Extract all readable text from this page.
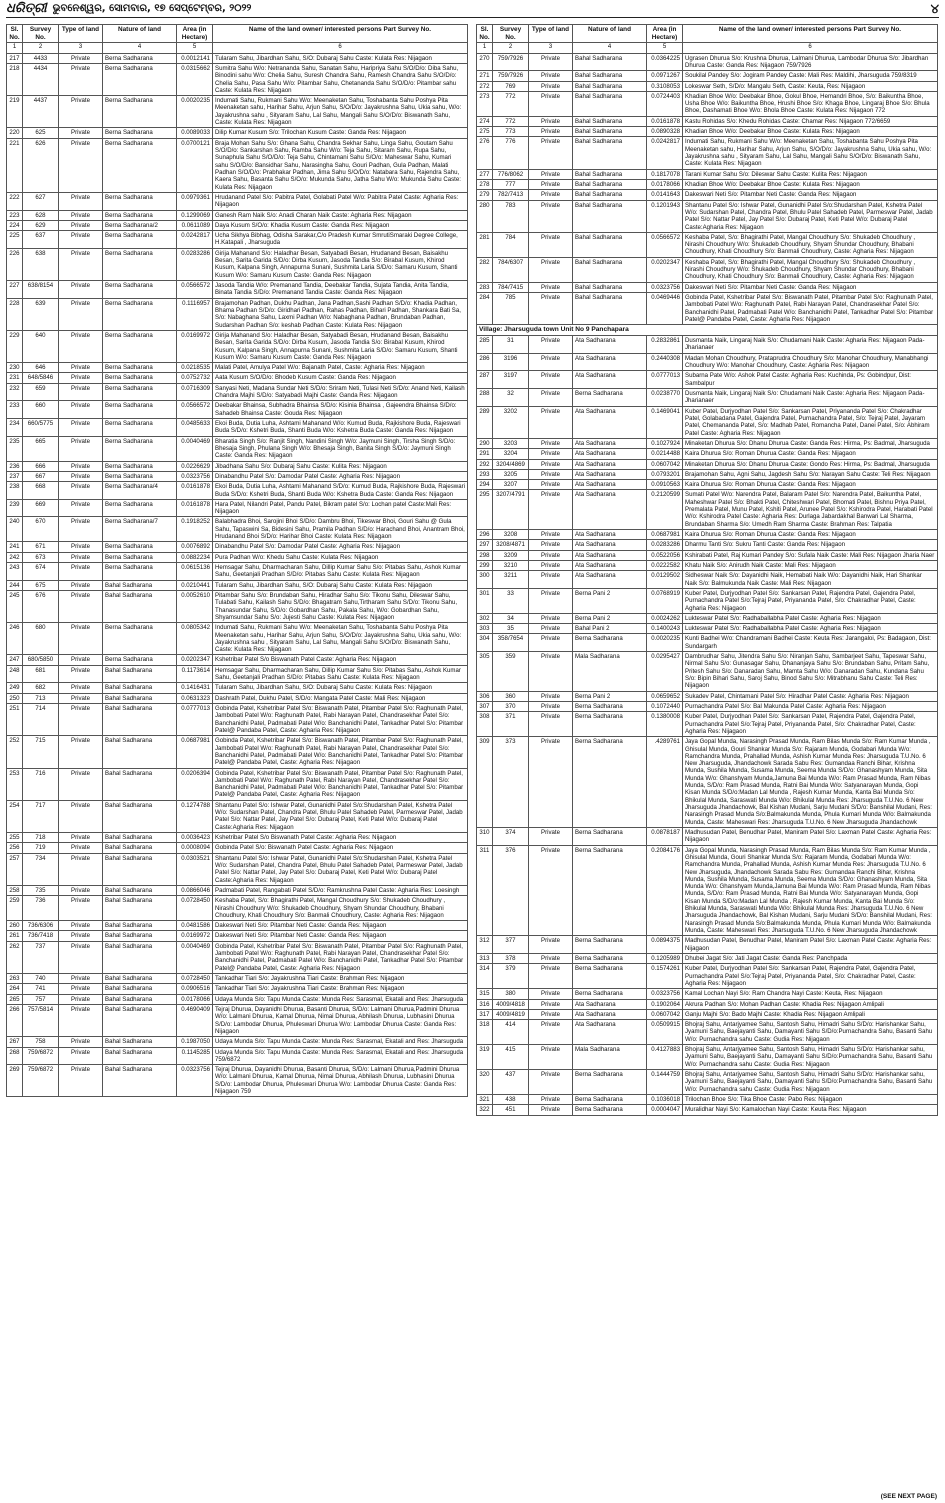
ଧରିତ୍ରୀ ଭୁବନେଶ୍ୱର, ସୋମବାର, ୧୭ ସେପ୍ଟେମ୍ବର, ୨୦୨୨	୪
Sl. No.	Survey No.	Type of land	Nature of land	Area (in Hectare)	Name of the land owner/ interested persons Part Survey No.
1	2	3	4	5	6
217	4433	Private	Berna Sadharana	0.0012141	Tularam Sahu, Jibardhan Sahu, S/O: Dubaraj Sahu Caste: Kulata Res: Nijagaon
218	4434	Private	Berna Sadharana	0.0315662	Sumitra Sahu W/o: Netrananda Sahu, Sanatan Sahu, Haripriya Sahu S/O/D/o: Diba Sahu, Binodini sahu W/o: Chelia Sahu, Suresh Chandra Sahu, Ramesh Chandra Sahu S/O/D/o: Chelia Sahu, Pasa Sahu W/o: Pitambar Sahu, Chetananda Sahu S/O/D/o: Pitambar sahu Caste: Kulata Res: Nijagaon
219	4437	Private	Berna Sadharana	0.0020235	Indumati Sahu, Rukmani Sahu W/o: Meenaketan Sahu, Toshabanta Sahu Poshya Pita Meenaketan sahu, Harihar Sahu, Arjun Sahu, S/O/D/o: Jayakrushna Sahu, Ukia sahu, W/o: Jayakrushna sahu , Sityaram Sahu, Lal Sahu, Mangali Sahu S/O/D/o: Biswanath Sahu, Caste: Kulata Res: Nijagaon
220	625	Private	Berna Sadharana	0.0089033	Dilip Kumar Kusum S/o: Trilochan Kusum Caste: Ganda Res: Nijagaon
221	626	Private	Berna Sadharana	0.0700121	Braja Mohan Sahu S/o: Ghana Sahu, Chandra Sekhar Sahu, Linga Sahu, Goutam Sahu S/O/D/o: Sankarshan Sahu, Ramba Sahu W/o: Teja Sahu, Sitaram Sahu, Rupa Sahu, Sunaphula Sahu S/O/D/o: Teja Sahu, Chintamani Sahu S/O/o: Maheswar Sahu, Kumari sahu S/O/D/o: Bansidhar Sahu, Narasingha Sahu, Gouri Padhan, Gula Padhan, Malati Padhan S/O/D/o: Prabhakar Padhan, Jima Sahu S/O/D/o: Natabara Sahu, Rajendra Sahu, Kaera Sahu, Basanta Sahu S/O/o: Mukunda Sahu, Jatha Sahu W/o: Mukunda Sahu Caste: Kulata Res: Nijagaon
222	627	Private	Berna Sadharana	0.0979361	Hrudanand Patel S/o: Pabitra Patel, Golabati Patel W/o: Pabitra Patel Caste: Agharia Res: Nijagaon
223	628	Private	Berna Sadharana	0.1299069	Ganesh Ram Naik S/o: Anadi Charan Naik Caste: Agharia Res: Nijagaon
224	629	Private	Berna Sadharana/2	0.0611089	Daya Kusum S/O/o: Khadia Kusum Caste: Ganda Res: Nijagaon
225	637	Private	Berna Sadharana	0.0242817	Ucha Sikhya Bibhag, Odisha Sarakar,C/o Pradesh Kumar SmrutiSmaraki Degree College, H.Katapali , Jharsuguda
226	638	Private	Berna Sadharana	0.0283286	Girija Mahanand S/o: Haladhar Besan, Satyabadi Besan, Hrudanand Besan, Baisakhu Besan, Sarita Garida S/D/o: Dirba Kusum, Jasoda Tandia S/o: Birabal Kusum, Khirod Kusum, Kalpana Singh, Annapurna Sunani, Sushmita Laria S/D/o: Samaru Kusum, Shanti Kusum W/o: Samaru Kusum Caste: Ganda Res: Nijagaon
227	638/8154	Private	Berna Sadharana	0.0566572	Jasoda Tandia W/o: Premanand Tandia, Deebakar Tandia, Sujata Tandia, Anita Tandia, Binata Tandia S/D/o: Premanand Tandia Caste: Ganda Res: Nijagaon
228	639	Private	Berna Sadharana	0.1116957	Brajamohan Padhan, Dukhu Padhan, Jana Padhan,Sashi Padhan S/D/o: Khadia Padhan, Bhama Padhan S/D/o: Giridhari Padhan, Rahas Padhan, Bihari Padhan, Shankara Bati Sa, S/o: Nabaghana Sahu, Laxmi Padhan W/o: Nabaghana Padhan, Brundaban Padhan, Sudarshan Padhan S/o: keshab Padhan Caste: Kulata Res: Nijagaon
229	640	Private	Berna Sadharana	0.0169972	Girija Mahanand S/o: Haladhar Besan, Satyabadi Besan, Hrudanand Besan, Baisakhu Besan, Sarita Garida S/D/o: Dirba Kusum, Jasoda Tandia S/o: Birabal Kusum, Khirod Kusum, Kalpana Singh, Annapurna Sunani, Sushmita Laria S/D/o: Samaru Kusum, Shanti Kusum W/o: Samaru Kusum Caste: Ganda Res: Nijagaon
230	646	Private	Berna Sadharana	0.0218535	Malati Patel, Amulya Patel W/o: Bajanath Patel, Caste: Agharia Res: Nijagaon
231	648/5846	Private	Berna Sadharana	0.0752732	Aata Kusum S/O/D/o: Bhodeb Kusum Caste: Ganda Res: Nijagaon
232	659	Private	Berna Sadharana	0.0716309	Sanyasi Neti, Madana Sundar Neti S/D/o: Sriram Neti, Tulasi Neti S/D/o: Anand Neti, Kailash Chandra Majhi S/D/o: Satyabadi Majhi Caste: Ganda Res: Nijagaon
233	660	Private	Berna Sadharana	0.0566572	Deebakar Bhainsa, Subhadra Bhainsa S/D/o: Kisinia Bhainsa , Gajeendra Bhainsa S/D/o: Sahadeb Bhainsa Caste: Gouda Res: Nijagaon
234	660/5775	Private	Berna Sadharana	0.0485633	Ekoi Buda, Dutia Luha, Ashtami Mahanand W/o: Kumud Buda, Rajkishore Buda, Rajeswari Buda S/D/o: Kshetri Buda, Shanti Buda W/o: Kshetra Buda Caste: Ganda Res: Nijagaon
235	665	Private	Berna Sadharana	0.0040469	Bharatia Singh S/o: Ranjit Singh, Nandini Singh W/o: Jaymuni Singh, Tirsha Singh S/D/o: Bhesaja Singh, Phulana Singh W/o: Bhesaja Singh, Banita Singh S/D/o: Jaymuni Singh Caste: Ganda Res: Nijagaon
236	666	Private	Berna Sadharana	0.0226629	Jibadhana Sahu S/o: Dubaraj Sahu Caste: Kulita Res: Nijagaon
237	667	Private	Berna Sadharana	0.0323756	Dinabandhu Patel S/o: Damodar Patel Caste: Agharia Res: Nijagaon
238	668	Private	Berna Sadharana/4	0.0161878	Ekoi Buda, Dutia Luha, Ashtami Mahanand S/D/o: Kumud Buda, Rajkishore Buda, Rajeswari Buda S/D/o: Kshetri Buda, Shanti Buda W/o: Kshetra Buda Caste: Ganda Res: Nijagaon
239	669	Private	Berna Sadharana	0.0161878	Hara Patel, Nilandri Patel, Pandu Patel, Bikram patel S/o: Lochan patel Caste:Mali Res: Nijagaon
240	670	Private	Berna Sadharana/7	0.1918252	Balabhadra Bhoi, Sarojini Bhoi S/D/o: Dambru Bhoi, Tikeswar Bhoi, Gouri Sahu @ Gula Sahu, Tapaswini Sa, Bidesini Sahu, Pramila Padhan S/D/o: Harachand Bhoi, Anantram Bhoi, Hrudanand Bhoi S/D/o: Harihar Bhoi Caste: Kulata Res: Nijagaon
241	671	Private	Berna Sadharana	0.0076892	Dinabandhu Patel S/o: Damodar Patel Caste: Agharia Res: Nijagaon
242	673	Private	Berna Sadharana	0.0882234	Pura Padhan W/o: Khedu Sahu Caste: Kulata Res: Nijagaon
243	674	Private	Berna Sadharana	0.0615136	Hemsagar Sahu, Dharmacharan Sahu, Dillip Kumar Sahu S/o: Pitabas Sahu, Ashok Kumar Sahu, Geetanjali Pradhan S/D/o: Pitabas Sahu Caste: Kulata Res: Nijagaon
244	675	Private	Bahal Sadharana	0.0210441	Tularam Sahu, Jibardhan Sahu, S/O: Dubaraj Sahu Caste: Kulata Res: Nijagaon
245	676	Private	Bahal Sadharana	0.0052610	Pitambar Sahu S/o: Brundaban Sahu, Hiradhar Sahu S/o: Tikonu Sahu, Dileswar Sahu, Tulabati Sahu, Kailash Sahu S/D/o: Bhagatram Sahu,Tirtharam Sahu S/D/o: Tikonu Sahu, Thanasundar Sahu, S/D/o: Gobardhan Sahu, Pakala Sahu, W/o: Gobardhan Sahu, Shyamsundar Sahu S/o: Jujesti Sahu Caste: Kulata Res: Nijagaon
246	680	Private	Berna Sadharana	0.0805342	Indumati Sahu, Rukmani Sahu W/o: Meenaketan Sahu, Toshabanta Sahu Poshya Pita Meenaketan sahu, Harihar Sahu, Arjun Sahu, S/O/D/o: Jayakrushna Sahu, Ukia sahu, W/o: Jayakrushna sahu , Sityaram Sahu, Lal Sahu, Mangali Sahu S/O/D/o: Biswanath Sahu, Caste: Kulata Res: Nijagaon
247	680/5850	Private	Berna Sadharana	0.0202347	Kshetribar Patel S/o Biswanath Patel Caste: Agharia Res: Nijagaon
248	681	Private	Bahal Sadharana	0.1173614	Hemsagar Sahu, Dharmacharan Sahu, Dillip Kumar Sahu S/o: Pitabas Sahu, Ashok Kumar Sahu, Geetanjali Pradhan S/D/o: Pitabas Sahu Caste: Kulata Res: Nijagaon
249	682	Private	Bahal Sadharana	0.1416431	Tularam Sahu, Jibardhan Sahu, S/O: Dubaraj Sahu Caste: Kulata Res: Nijagaon
250	713	Private	Bahal Sadharana	0.0631323	Dashrath Patel, Dukhu Patel, S/D/o: Mangata Patel Caste: Mali Res: Nijagaon
251	714	Private	Bahal Sadharana	0.0777013	Gobinda Patel, Kshetribar Patel S/o: Biswanath Patel, Pitambar Patel S/o: Raghunath Patel, Jambobati Patel W/o: Raghunath Patel, Rabi Narayan Patel, Chandrasekhar Patel S/o: Banchanidhi Patel, Padmabati Patel W/o: Banchanidhi Patel, Tankadhar Patel S/o: Pitambar Patel@ Pandaba Patel, Caste: Agharia Res: Nijagaon
252	715	Private	Bahal Sadharana	0.0687981	Gobinda Patel, Kshetribar Patel S/o: Biswanath Patel, Pitambar Patel S/o: Raghunath Patel, Jambobati Patel W/o: Raghunath Patel, Rabi Narayan Patel, Chandrasekhar Patel S/o: Banchanidhi Patel, Padmabati Patel W/o: Banchanidhi Patel, Tankadhar Patel S/o: Pitambar Patel@ Pandaba Patel, Caste: Agharia Res: Nijagaon
253	716	Private	Bahal Sadharana	0.0206394	Gobinda Patel, Kshetribar Patel S/o: Biswanath Patel, Pitambar Patel S/o: Raghunath Patel, Jambobati Patel W/o: Raghunath Patel, Rabi Narayan Patel, Chandrasekhar Patel S/o: Banchanidhi Patel, Padmabati Patel W/o: Banchanidhi Patel, Tankadhar Patel S/o: Pitambar Patel@ Pandaba Patel, Caste: Agharia Res: Nijagaon
254	717	Private	Bahal Sadharana	0.1274788	Shantanu Patel S/o: Ishwar Patel, Gunanidhi Patel S/o:Shudarshan Patel, Kshetra Patel W/o: Sudarshan Patel, Chandra Patel, Bhulu Patel Sahadeb Patel, Parmeswar Patel, Jadab Patel S/o: Nattar Patel, Jay Patel S/o: Dubaraj Patel, Keti Patel W/o: Dubaraj Patel Caste:Agharia Res: Nijagaon
255	718	Private	Bahal Sadharana	0.0036423	Kshetribar Patel S/o Biswanath Patel Caste: Agharia Res: Nijagaon
256	719	Private	Bahal Sadharana	0.0008094	Gobinda Patel S/o: Biswanath Patel Caste: Agharia Res: Nijagaon
257	734	Private	Bahal Sadharana	0.0303521	Shantanu Patel S/o: Ishwar Patel, Gunanidhi Patel S/o:Shudarshan Patel, Kshetra Patel W/o: Sudarshan Patel, Chandra Patel, Bhulu Patel Sahadeb Patel, Parmeswar Patel, Jadab Patel S/o: Nattar Patel, Jay Patel S/o: Dubaraj Patel, Keti Patel W/o: Dubaraj Patel Caste:Agharia Res: Nijagaon
258	735	Private	Bahal Sadharana	0.0866046	Padmabati Patel, Rangabati Patel S/D/o: Ramkrushna Patel Caste: Agharia Res: Loesingh
259	736	Private	Bahal Sadharana	0.0728450	Keshaba Patel, S/o: Bhagirathi Patel, Mangal Choudhury S/o: Shukadeb Choudhury , Nirashi Choudhury W/o: Shukadeb Choudhury, Shyam Shundar Choudhury, Bhabani Choudhury, Khati Choudhury S/o: Banmali Choudhury, Caste: Agharia Res: Nijagaon
260	736/6306	Private	Bahal Sadharana	0.0481586	Dakeswari Neti S/o: Pitambar Neti Caste: Ganda Res: Nijagaon
261	736/7418	Private	Bahal Sadharana	0.0169972	Dakeswari Neti S/o: Pitambar Neti Caste: Ganda Res: Nijagaon
262	737	Private	Bahal Sadharana	0.0040469	Gobinda Patel, Kshetribar Patel S/o: Biswanath Patel, Pitambar Patel S/o: Raghunath Patel, Jambobati Patel W/o: Raghunath Patel, Rabi Narayan Patel, Chandrasekhar Patel S/o: Banchanidhi Patel, Padmabati Patel W/o: Banchanidhi Patel, Tankadhar Patel S/o: Pitambar Patel@ Pandaba Patel, Caste: Agharia Res: Nijagaon
263	740	Private	Bahal Sadharana	0.0728450	Tankadhar Tiari S/o: Jayakrushna Tiari Caste: Brahman Res: Nijagaon
264	741	Private	Bahal Sadharana	0.0906516	Tankadhar Tiari S/o: Jayakrushna Tiari Caste: Brahman Res: Nijagaon
265	757	Private	Bahal Sadharana	0.0178066	Udaya Munda S/o: Tapu Munda Caste: Munda Res: Sarasmal, Ekatali and Res: Jharsuguda
266	757/5814	Private	Bahal Sadharana	0.4690409	Tejraj Dhurua, Dayanidhi Dhurua, Basanti Dhurua, S/D/o: Lalmani Dhurua,Padmini Dhurua W/o: Lalmani Dhurua, Kamal Dhurua, Nimai Dhurua, Abhilash Dhurua, Lubhasini Dhurua S/D/o: Lambodar Dhurua, Phuleswari Dhurua W/o: Lambodar Dhurua Caste: Ganda Res: Nijagaon
267	758	Private	Bahal Sadharana	0.1987050	Udaya Munda S/o: Tapu Munda Caste: Munda Res: Sarasmal, Ekatali and Res: Jharsuguda
268	759/6872	Private	Bahal Sadharana	0.1145285	Udaya Munda S/o: Tapu Munda Caste: Munda Res: Sarasmal, Ekatali and Res: Jharsuguda 759/6872
269	759/6872	Private	Bahal Sadharana	0.0323756	Tejraj Dhurua, Dayanidhi Dhurua, Basanti Dhurua, S/D/o: Lalmani Dhurua,Padmini Dhurua W/o: Lalmani Dhurua, Kamal Dhurua, Nimai Dhurua, Abhilash Dhurua, Lubhasini Dhurua S/D/o: Lambodar Dhurua, Phuleswari Dhurua W/o: Lambodar Dhurua Caste: Ganda Res: Nijagaon 759
Sl. No.	Survey No.	Type of land	Nature of land	Area (in Hectare)	Name of the land owner/ interested persons Part Survey No.
1	2	3	4	5	6
270	759/7926	Private	Bahal Sadharana	0.0364225	Ugrasen Dhurua S/o: Krushna Dhurua, Lalmani Dhurua, Lambodar Dhurua S/o: Jibardhan Dhurua Caste: Ganda Res: Nijagaon 759/7926
271	759/7926	Private	Bahal Sadharana	0.0971267	Soukilal Pandey S/o: Jogiram Pandey Caste: Mali Res: Maldihi, Jharsuguda 759/8319
272	769	Private	Bahal Sadharana	0.3108053	Lokeswar Seth, S/D/o: Mangalu Seth, Caste: Keuta, Res: Nijagaon
273	772	Private	Bahal Sadharana	0.0724403	Khadian Bhoe W/o: Deebakar Bhoe, Gokul Bhoe, Hemandri Bhoe, S/o: Baikuntha Bhoe, Usha Bhoe W/o: Baikuntha Bhoe, Hrushi Bhoe S/o: Khaga Bhoe, Lingaraj Bhoe S/o: Bhula Bhoe, Dashamati Bhoe W/o: Bhola Bhoe Caste: Kulata Res: Nijagaon 772
274	772	Private	Bahal Sadharana	0.0161878	Kastu Rohidas S/o: Khedu Rohidas Caste: Chamar Res: Nijagaon 772/6659
275	773	Private	Bahal Sadharana	0.0890328	Khadian Bhoe W/o: Deebakar Bhoe Caste: Kulata Res: Nijagaon
276	776	Private	Bahal Sadharana	0.0242817	Indumati Sahu, Rukmani Sahu W/o: Meenaketan Sahu, Toshabanta Sahu Poshya Pita Meenaketan sahu, Harihar Sahu, Arjun Sahu, S/O/D/o: Jayakrushna Sahu, Ukia sahu, W/o: Jayakrushna sahu , Sityaram Sahu, Lal Sahu, Mangali Sahu S/O/D/o: Biswanath Sahu, Caste: Kulata Res: Nijagaon
277	776/8062	Private	Bahal Sadharana	0.1817078	Tarani Kumar Sahu S/o: Dileswar Sahu Caste: Kulita Res: Nijagaon
278	777	Private	Bahal Sadharana	0.0178066	Khadian Bhoe W/o: Deebakar Bhoe Caste: Kulata Res: Nijagaon
279	782/7413	Private	Bahal Sadharana	0.0141643	Dakeswari Neti S/o: Pitambar Neti Caste: Ganda Res: Nijagaon
280	783	Private	Bahal Sadharana	0.1201943	Shantanu Patel S/o: Ishwar Patel, Gunanidhi Patel S/o:Shudarshan Patel, Kshetra Patel W/o: Sudarshan Patel, Chandra Patel, Bhulu Patel Sahadeb Patel, Parmeswar Patel, Jadab Patel S/o: Nattar Patel, Jay Patel S/o: Dubaraj Patel, Keti Patel W/o: Dubaraj Patel Caste:Agharia Res: Nijagaon
281	784	Private	Bahal Sadharana	0.0566572	Keshaba Patel, S/o: Bhagirathi Patel, Mangal Choudhury S/o: Shukadeb Choudhury , Nirashi Choudhury W/o: Shukadeb Choudhury, Shyam Shundar Choudhury, Bhabani Choudhury, Khati Choudhury S/o: Banmali Choudhury, Caste: Agharia Res: Nijagaon
282	784/6307	Private	Bahal Sadharana	0.0202347	Keshaba Patel, S/o: Bhagirathi Patel, Mangal Choudhury S/o: Shukadeb Choudhury , Nirashi Choudhury W/o: Shukadeb Choudhury, Shyam Shundar Choudhury, Bhabani Choudhury, Khati Choudhury S/o: Banmali Choudhury, Caste: Agharia Res: Nijagaon
283	784/7415	Private	Bahal Sadharana	0.0323756	Dakeswari Neti S/o: Pitambar Neti Caste: Ganda Res: Nijagaon
284	785	Private	Bahal Sadharana	0.0469446	Gobinda Patel, Kshetribar Patel S/o: Biswanath Patel, Pitambar Patel S/o: Raghunath Patel, Jambobati Patel W/o: Raghunath Patel, Rabi Narayan Patel, Chandrasekhar Patel S/o: Banchanidhi Patel, Padmabati Patel W/o: Banchanidhi Patel, Tankadhar Patel S/o: Pitambar Patel@ Pandaba Patel, Caste: Agharia Res: Nijagaon
Village: Jharsuguda town Unit No 9 Panchapara					
285	31	Private	Ata Sadharana	0.2832861	Dusmanta Naik, Lingaraj Naik S/o: Chudamani Naik Caste: Agharia Res: Nijagaon Pada-Jharianaer
286	3196	Private	Ata Sadharana	0.2440308	Madan Mohan Choudhury, Prataprudra Choudhury S/o: Manohar Choudhury, Manabhangi Choudhury W/o: Manohar Choudhury, Caste: Agharia Res: Nijagaon
287	3197	Private	Ata Sadharana	0.0777013	Subarna Pate W/o: Ashok Patel Caste: Agharia Res: Kuchinda, Ps: Gobindpur, Dist: Sambalpur
288	32	Private	Berna Sadharana	0.0238770	Dusmanta Naik, Lingaraj Naik S/o: Chudamani Naik Caste: Agharia Res: Nijagaon Pada-Jharianaer
289	3202	Private	Ata Sadharana	0.1469041	Kuber Patel, Durjyodhan Patel S/o: Sankarsan Patel, Priyananda Patel S/o: Chakradhar Patel, Golabadana Patel, Gajendra Patel, Purnachandra Patel, S/o: Tejraj Patel, Jayaram Patel, Chemananda Patel, S/o: Madhab Patel, Romancha Patel, Danei Patel, S/o: Abhiram Patel Caste: Agharia Res: Nijagaon
290	3203	Private	Ata Sadharana	0.1027924	Minaketan Dhurua S/o: Dhanu Dhurua Caste: Ganda Res: Hirma, Ps: Badmal, Jharsuguda
291	3204	Private	Ata Sadharana	0.0214488	Kaira Dhurua S/o: Roman Dhurua Caste: Ganda Res: Nijagaon
292	3204/4869	Private	Ata Sadharana	0.0607042	Minaketan Dhurua S/o: Dhanu Dhurua Caste: Gondo Res: Hirma, Ps: Badmal, Jharsuguda
293	3205	Private	Ata Sadharana	0.0793201	Brajamohan Sahu, Agni Sahu, Jagdesh Sahu S/o: Narayan Sahu Caste: Teli Res: Nijagaon
294	3207	Private	Ata Sadharana	0.0910563	Kaira Dhurua S/o: Roman Dhurua Caste: Ganda Res: Nijagaon
295	3207/4791	Private	Ata Sadharana	0.2120599	Sumati Patel W/o: Narendra Patel, Balaram Patel S/o: Narendra Patel, Baikuntha Patel, Maheshwar Patel S/o: Bhakti Patel, Chiteshwari Patel, Bhomati Patel, Bishnu Priya Patel, Premalata Patel, Munu Patel, Kshiti Patel, Arunee Patel S/o: Kshirodra Patel, Harabati Patel W/o: Kshirodra Patel Caste: Agharia Res: Durlaga Jabardakhal Banwari Lal Sharma, Brundaban Sharma S/o: Umedh Ram Sharma Caste: Brahman Res: Talpatia
296	3208	Private	Ata Sadharana	0.0687981	Kaira Dhurua S/o: Roman Dhurua Caste: Ganda Res: Nijagaon
297	3208/4871	Private	Ata Sadharana	0.0283286	Dharmu Tanti S/o: Sukru Tanti Caste: Ganda Res: Nijagaon
298	3209	Private	Ata Sadharana	0.0522056	Kshirabati Patel, Raj Kumari Pandey S/o: Sufala Naik Caste: Mali Res: Nijagaon Jharia Naer
299	3210	Private	Ata Sadharana	0.0222582	Khatu Naik S/o: Anirudh Naik Caste: Mali Res: Nijagaon
300	3211	Private	Ata Sadharana	0.0129502	Sidheswar Naik S/o: Dayanidhi Naik, Hemabati Naik W/o: Dayanidhi Naik, Hari Shankar Naik S/o: Balmukunda Naik Caste: Mali Res: Nijagaon
301	33	Private	Berna Pani 2	0.0768919	Kuber Patel, Durjyodhan Patel S/o: Sankarsan Patel, Rajendra Patel, Gajendra Patel, Purnachandra Patel S/o:Tejraj Patel, Priyananda Patel, S/o: Chakradhar Patel, Caste: Agharia Res: Nijagaon
302	34	Private	Berna Pani 2	0.0024262	Lukteswar Patel S/o: Radhaballabha Patel Caste: Agharia Res: Nijagaon
303	35	Private	Bahal Pani 2	0.1400243	Lukteswar Patel S/o: Radhaballabha Patel Caste: Agharia Res: Nijagaon
304	358/7654	Private	Berna Sadharana	0.0020235	Kunti Badhei W/o: Chandramani Badhei Caste: Keuta Res: Jarangaloi, Ps: Badagaon, Dist: Sundargarh
305	359	Private	Mala Sadharana	0.0295427	Dambrudhar Sahu, Jitendra Sahu S/o: Niranjan Sahu, Sambarjeet Sahu, Tapeswar Sahu, Nirmal Sahu S/o: Gunasagar Sahu, Dhananjaya Sahu S/o: Brundaban Sahu, Pritam Sahu, Pritesh Sahu S/o: Danaradan Sahu, Mamta Sahu W/o: Danaradan Sahu, Kundana Sahu S/o: Bipin Bihari Sahu, Saroj Sahu, Binod Sahu S/o: Mitrabhanu Sahu Caste: Teli Res: Nijagaon
306	360	Private	Berna Pani 2	0.0659652	Sukadev Patel, Chintamani Patel S/o: Hiradhar Patel Caste: Agharia Res: Nijagaon
307	370	Private	Berna Sadharana	0.1072440	Purnachandra Patel S/o: Bal Makunda Patel Caste: Agharia Res: Nijagaon
308	371	Private	Berna Sadharana	0.1380008	Kuber Patel, Durjyodhan Patel S/o: Sankarsan Patel, Rajendra Patel, Gajendra Patel, Purnachandra Patel S/o:Tejraj Patel, Priyananda Patel, S/o: Chakradhar Patel, Caste: Agharia Res: Nijagaon
309	373	Private	Berna Sadharana	.4289761	Jaya Gopal Munda, Narasingh Prasad Munda, Ram Bilas Munda S/o: Ram Kumar Munda , Ghisulal Munda, Gouri Shankar Munda S/o: Rajaram Munda, Godabari Munda W/o: Ramchandra Munda, Prahallad Munda, Ashish Kumar Munda Res: Jharsuguda T.U.No. 6 New Jharsuguda, Jhandachowk Sarada Sabu Res: Gumandaa Ranchi Bihar, Krishna Munda, Sushila Munda, Susama Munda, Seema Munda S/D/o: Ghanashyam Munda, Sita Munda W/o: Ghanshyam Munda,Jamuna Bai Munda W/o: Ram Prasad Munda, Ram Nibas Munda, S/D/o: Ram Prasad Munda, Ratni Bai Munda W/o: Satyanarayan Munda, Gopi Kisan Munda S/D/o:Madan Lal Munda , Rajesh Kumar Munda, Kanta Bai Munda S/o: Bhikulal Munda, Saraswati Munda W/o: Bhikulal Munda Res: Jharsuguda T.U.No. 6 New Jharsuguda Jhandachowk, Bal Kishan Mudani, Sarju Mudani S/D/o: Banshilal Mudani, Res: Narasingh Prasad Munda S/o:Balmakunda Munda, Phula Kumari Munda W/o: Balmakunda Munda, Caste: Maheswari Res: Jharsuguda T.U.No. 6 New Jharsuguda Jhandachowk
310	374	Private	Berna Sadharana	0.0878187	Madhusudan Patel, Benudhar Patel, Maniram Patel S/o: Laxman Patel Caste: Agharia Res: Nijagaon
311	376	Private	Berna Sadharana	0.2084176	Jaya Gopal Munda, Narasingh Prasad Munda, Ram Bilas Munda S/o: Ram Kumar Munda , Ghisulal Munda, Gouri Shankar Munda S/o: Rajaram Munda, Godabari Munda W/o: Ramchandra Munda, Prahallad Munda, Ashish Kumar Munda Res: Jharsuguda T.U.No. 6 New Jharsuguda, Jhandachowk Sarada Sabu Res: Gumandaa Ranchi Bihar, Krishna Munda, Sushila Munda, Susama Munda, Seema Munda S/D/o: Ghanashyam Munda, Sita Munda W/o: Ghanshyam Munda,Jamuna Bai Munda W/o: Ram Prasad Munda, Ram Nibas Munda, S/D/o: Ram Prasad Munda, Ratni Bai Munda W/o: Satyanarayan Munda, Gopi Kisan Munda S/D/o:Madan Lal Munda , Rajesh Kumar Munda, Kanta Bai Munda S/o: Bhikulal Munda, Saraswati Munda W/o: Bhikulal Munda Res: Jharsuguda T.U.No. 6 New Jharsuguda Jhandachowk, Bal Kishan Mudani, Sarju Mudani S/D/o: Banshilal Mudani, Res: Narasingh Prasad Munda S/o:Balmakunda Munda, Phula Kumari Munda W/o: Balmakunda Munda, Caste: Maheswari Res: Jharsuguda T.U.No. 6 New Jharsuguda Jhandachowk
312	377	Private	Berna Sadharana	0.0894375	Madhusudan Patel, Benudhar Patel, Maniram Patel S/o: Laxman Patel Caste: Agharia Res: Nijagaon
313	378	Private	Berna Sadharana	0.1205989	Dhubei Jagat S/o: Jati Jagat Caste: Ganda Res: Panchpada
314	379	Private	Berna Sadharana	0.1574261	Kuber Patel, Durjyodhan Patel S/o: Sankarsan Patel, Rajendra Patel, Gajendra Patel, Purnachandra Patel S/o:Tejraj Patel, Priyananda Patel, S/o: Chakradhar Patel, Caste: Agharia Res: Nijagaon
315	380	Private	Berna Sadharana	0.0323756	Kamal Lochan Nayi S/o: Ram Chandra Nayi Caste: Keuta, Res: Nijagaon
316	4009/4818	Private	Ata Sadharana	0.1902064	Akrura Padhan S/o: Mohan Padhan Caste: Khadia Res: Nijagaon Amlipali
317	4009/4819	Private	Ata Sadharana	0.0607042	Ganju Majhi S/o: Bado Majhi Caste: Khadia Res: Nijagaon Amlipali
318	414	Private	Ata Sadharana	0.0509915	Bhojraj Sahu, Antarjyamee Sahu, Santosh Sahu, Himadri Sahu S/D/o: Harishankar Sahu, Jyamuni Sahu, Baejayanti Sahu, Damayanti Sahu S/D/o:Purnachandra Sahu, Basanti Sahu W/o: Purnachandra sahu Caste: Gudia Res: Nijagaon
319	415	Private	Mala Sadharana	0.4127883	Bhojraj Sahu, Antarjyamee Sahu, Santosh Sahu, Himadri Sahu S/D/o: Harishankar sahu, Jyamuni Sahu, Baejayanti Sahu, Damayanti Sahu S/D/o:Purnachandra Sahu, Basanti Sahu W/o: Purnachandra sahu Caste: Gudia Res: Nijagaon
320	437	Private	Berna Sadharana	0.1444759	Bhojraj Sahu, Antarjyamee Sahu, Santosh Sahu, Himadri Sahu S/D/o: Harishankar sahu, Jyamuni Sahu, Baejayanti Sahu, Damayanti Sahu S/D/o:Purnachandra Sahu, Basanti Sahu W/o: Purnachandra sahu Caste: Gudia Res: Nijagaon
321	438	Private	Berna Sadharana	0.1036018	Trilochan Bhoe S/o: Tika Bhoe Caste: Pabo Res: Nijagaon
322	451	Private	Berna Sadharana	0.0004047	Muralidhar Nayi S/o: Kamalochan Nayi Caste: Keuta Res: Nijagaon
(SEE NEXT PAGE)
